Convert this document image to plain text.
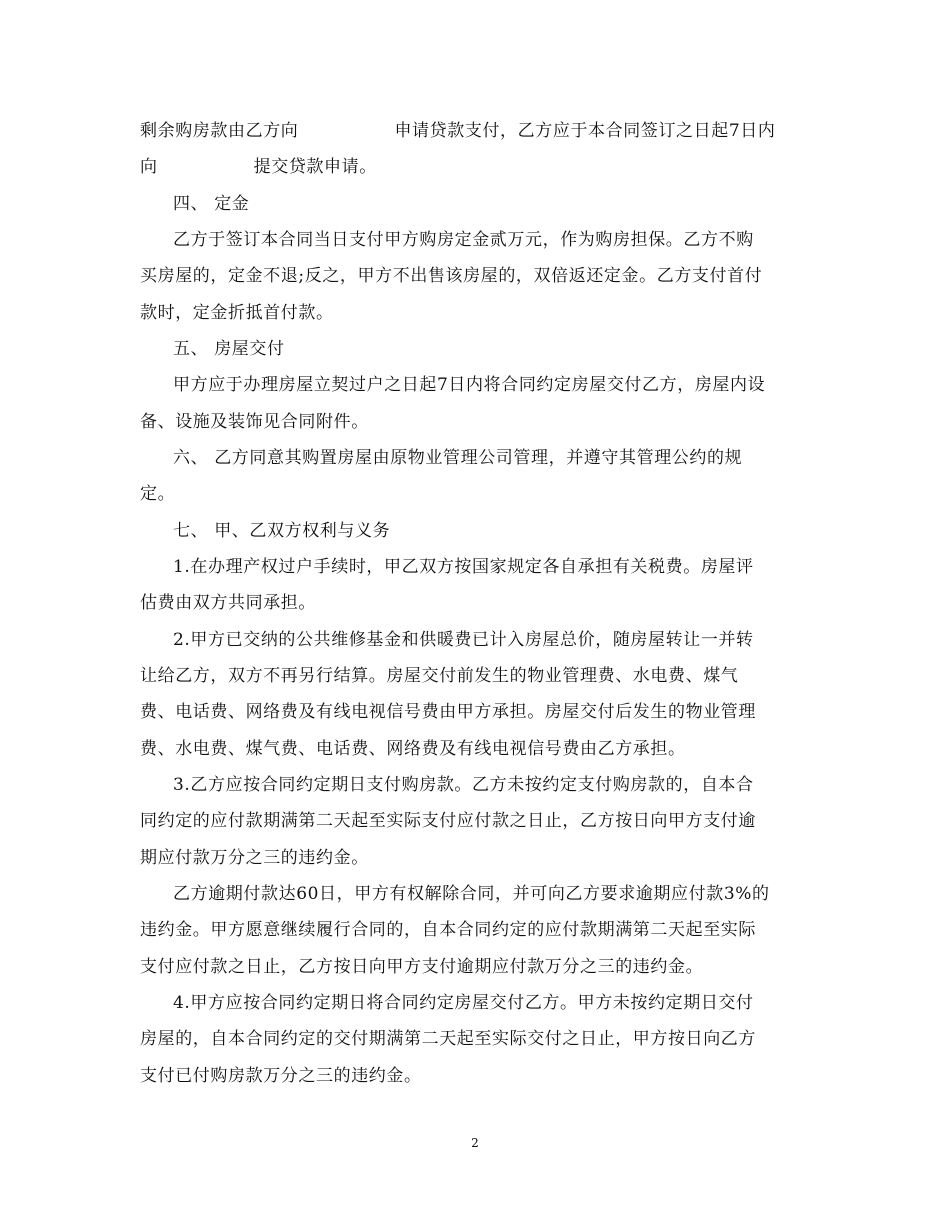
剩余购房款由乙方向                申请贷款支付，乙方应于本合同签订之日起7日内
向                提交贷款申请。
四、 定金
乙方于签订本合同当日支付甲方购房定金贰万元，作为购房担保。乙方不购
买房屋的，定金不退;反之，甲方不出售该房屋的，双倍返还定金。乙方支付首付
款时，定金折抵首付款。
五、 房屋交付
甲方应于办理房屋立契过户之日起7日内将合同约定房屋交付乙方，房屋内设
备、设施及装饰见合同附件。
六、 乙方同意其购置房屋由原物业管理公司管理，并遵守其管理公约的规
定。
七、 甲、乙双方权利与义务
1.在办理产权过户手续时，甲乙双方按国家规定各自承担有关税费。房屋评
估费由双方共同承担。
2.甲方已交纳的公共维修基金和供暖费已计入房屋总价，随房屋转让一并转
让给乙方，双方不再另行结算。房屋交付前发生的物业管理费、水电费、煤气
费、电话费、网络费及有线电视信号费由甲方承担。房屋交付后发生的物业管理
费、水电费、煤气费、电话费、网络费及有线电视信号费由乙方承担。
3.乙方应按合同约定期日支付购房款。乙方未按约定支付购房款的，自本合
同约定的应付款期满第二天起至实际支付应付款之日止，乙方按日向甲方支付逾
期应付款万分之三的违约金。
乙方逾期付款达60日，甲方有权解除合同，并可向乙方要求逾期应付款3%的
违约金。甲方愿意继续履行合同的，自本合同约定的应付款期满第二天起至实际
支付应付款之日止，乙方按日向甲方支付逾期应付款万分之三的违约金。
4.甲方应按合同约定期日将合同约定房屋交付乙方。甲方未按约定期日交付
房屋的，自本合同约定的交付期满第二天起至实际交付之日止，甲方按日向乙方
支付已付购房款万分之三的违约金。
2
